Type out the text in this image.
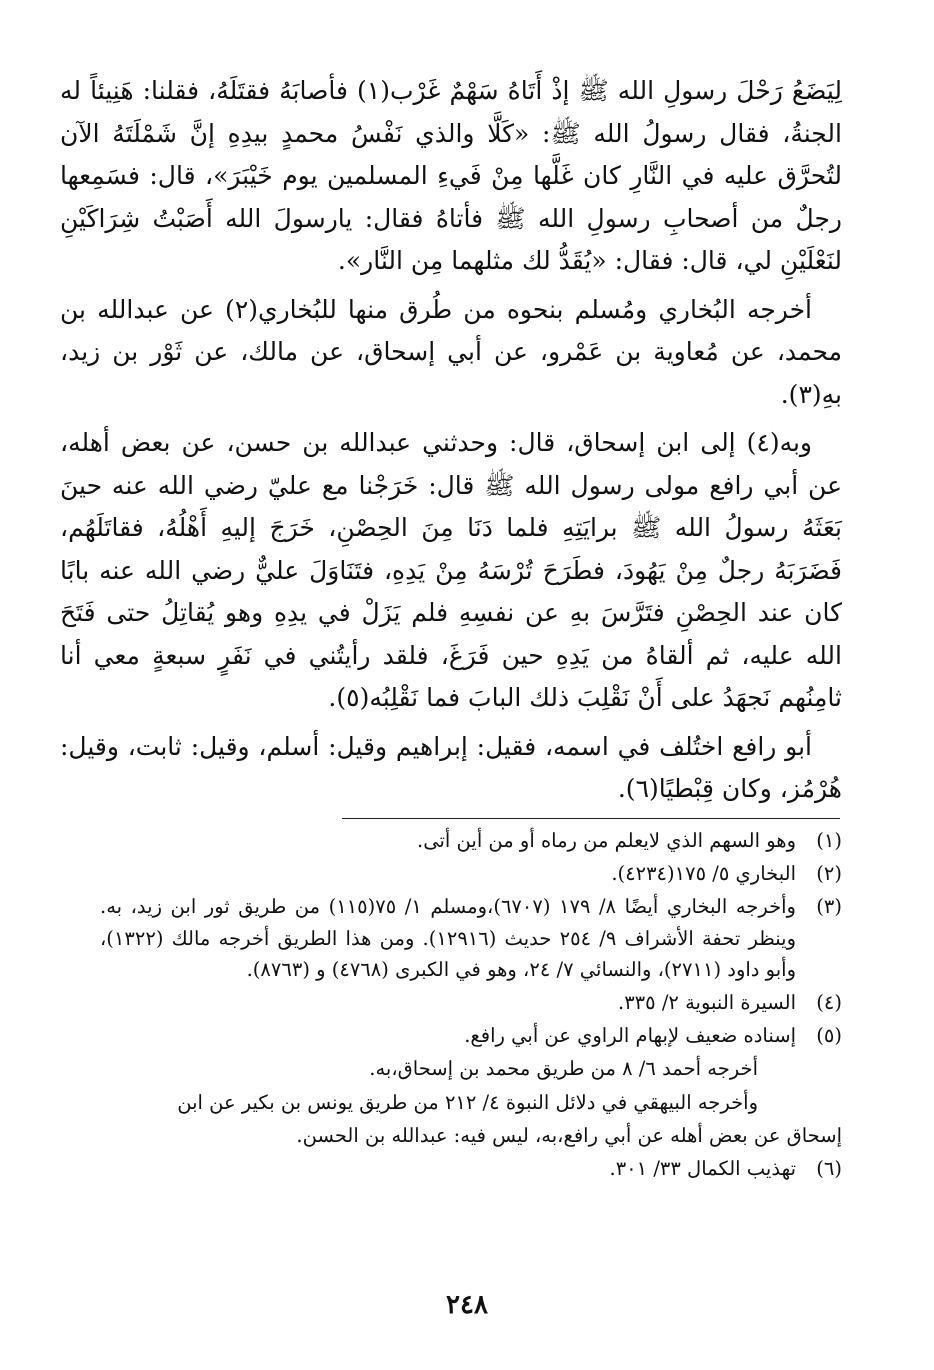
لِيَضَعُ رَحْلَ رسولِ الله ﷺ إذْ أَتَاهُ سَهْمٌ غَرْب(١) فأصابَهُ فقتَلَهُ، فقلنا: هَنِيئاً له الجنةُ، فقال رسولُ الله ﷺ: «كَلَّا والذي نَفْسُ محمدٍ بيدِهِ إنَّ شَمْلَتَهُ الآن لتُحرَّق عليه في النَّارِ كان غَلَّها مِنْ فَيءِ المسلمين يوم خَيْبَرَ»، قال: فسَمِعها رجلٌ من أصحابِ رسولِ الله ﷺ فأتاهُ فقال: يارسولَ الله أَصَبْتُ شِرَاكَيْنِ لنَعْلَيْنِ لي، قال: فقال: «يُقَدُّ لك مثلهما مِن النَّار».

أخرجه البُخاري ومُسلم بنحوه من طُرق منها للبُخاري(٢) عن عبدالله بن محمد، عن مُعاوية بن عَمْرو، عن أبي إسحاق، عن مالك، عن ثَوْر بن زيد، بهِ(٣).

وبه(٤) إلى ابن إسحاق، قال: وحدثني عبدالله بن حسن، عن بعض أهله، عن أبي رافع مولى رسول الله ﷺ قال: خَرَجْنا مع عليّ رضي الله عنه حينَ بَعَثَهُ رسولُ الله ﷺ برايَتِهِ فلما دَنَا مِنَ الحِصْنِ، خَرَجَ إليهِ أَهْلُهُ، فقاتَلَهُم، فَضَرَبَهُ رجلٌ مِنْ يَهُودَ، فطَرَحَ تُرْسَهُ مِنْ يَدِهِ، فتَنَاوَلَ عليٌّ رضي الله عنه بابًا كان عند الحِصْنِ فتَرَّسَ بهِ عن نفسِهِ فلم يَزَلْ في يدِهِ وهو يُقاتِلُ حتى فَتَحَ الله عليه، ثم ألقاهُ من يَدِهِ حين فَرَغَ، فلقد رأيتُني في نَفَرٍ سبعةٍ معي أنا ثامِنُهم نَجهَدُ على أَنْ نَقْلِبَ ذلك البابَ فما نَقْلِبُه(٥).

أبو رافع اختُلف في اسمه، فقيل: إبراهيم وقيل: أسلم، وقيل: ثابت، وقيل: هُرْمُز، وكان قِبْطيًا(٦).

(١)
وهو السهم الذي لايعلم من رماه أو من أين أتى.
(٢)
البخاري ٥/ ١٧٥(٤٢٣٤).
(٣)
وأخرجه البخاري أيضًا ٨/ ١٧٩ (٦٧٠٧)،ومسلم ١/ ٧٥(١١٥) من طريق ثور ابن زيد، به. وينظر تحفة الأشراف ٩/ ٢٥٤ حديث (١٢٩١٦). ومن هذا الطريق أخرجه مالك (١٣٢٢)، وأبو داود (٢٧١١)، والنسائي ٧/ ٢٤، وهو في الكبرى (٤٧٦٨) و (٨٧٦٣).
(٤)
السيرة النبوية ٢/ ٣٣٥.
(٥)
إسناده ضعيف لإبهام الراوي عن أبي رافع.
أخرجه أحمد ٦/ ٨ من طريق محمد بن إسحاق،به.
وأخرجه البيهقي في دلائل النبوة ٤/ ٢١٢ من طريق يونس بن بكير عن ابن
إسحاق عن بعض أهله عن أبي رافع،به، ليس فيه: عبدالله بن الحسن.
(٦)
تهذيب الكمال ٣٣/ ٣٠١.
٢٤٨
